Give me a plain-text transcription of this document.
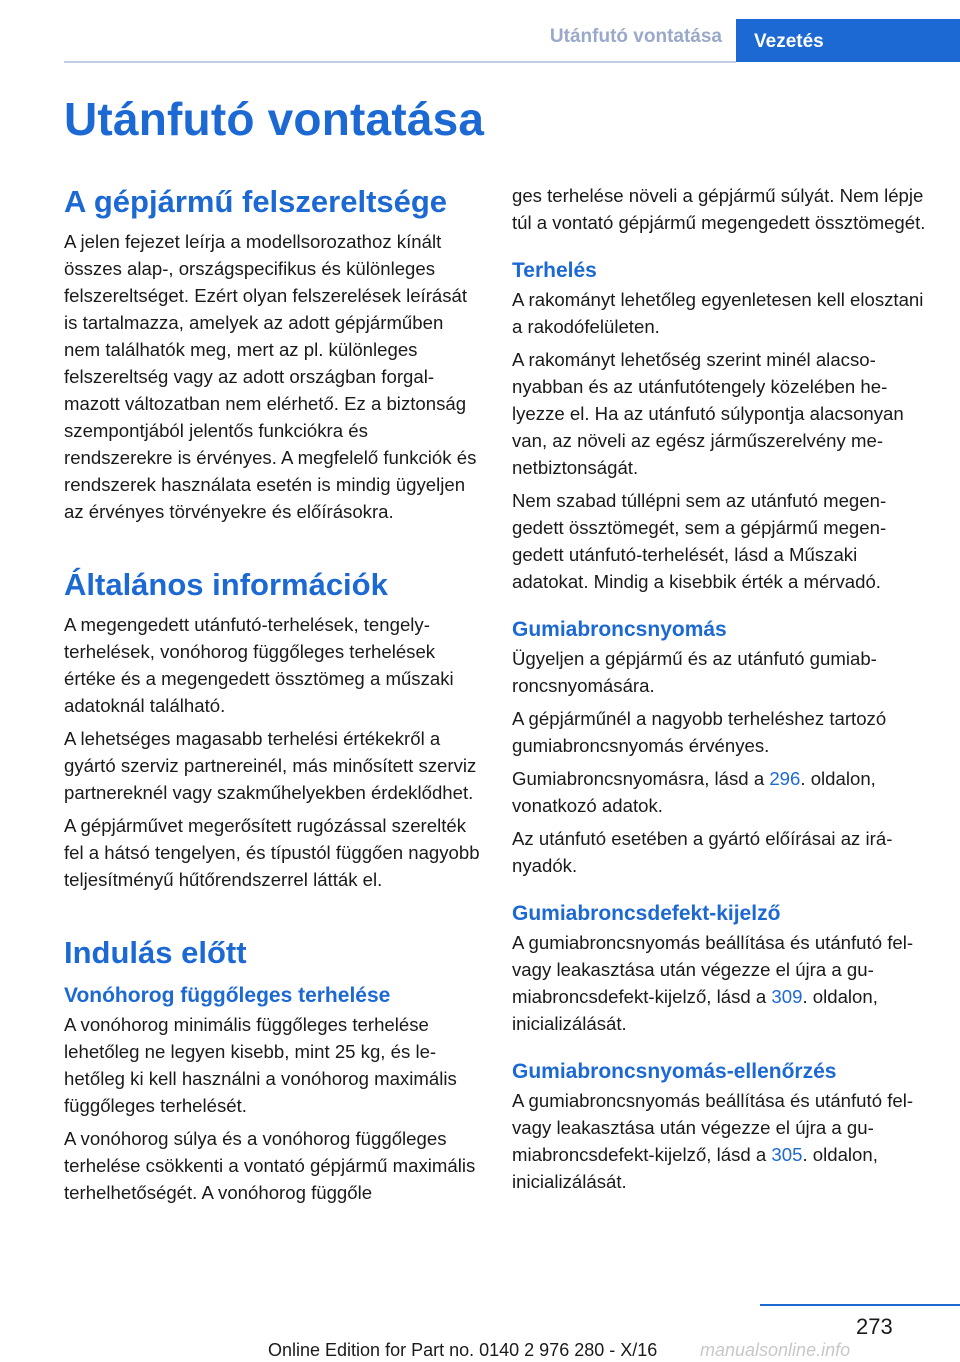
Utánfutó vontatása	Vezetés
Utánfutó vontatása
A gépjármű felszereltsége

A jelen fejezet leírja a modellsorozathoz kínált összes alap-, országspecifikus és különleges felszereltséget. Ezért olyan felszerelések leírását is tartalmazza, amelyek az adott gépjárműben nem találhatók meg, mert az pl. különleges felszereltség vagy az adott országban forgalmazott változatban nem elérhető. Ez a biztonság szempontjából jelentős funkciókra és rendszerekre is érvényes. A megfelelő funkciók és rendszerek használata esetén is mindig ügyeljen az érvényes törvényekre és előírásokra.

Általános információk

A megengedett utánfutó-terhelések, tengelyterhelések, vonóhorog függőleges terhelések értéke és a megengedett össztömeg a műszaki adatoknál található.

A lehetséges magasabb terhelési értékekről a gyártó szerviz partnereinél, más minősített szerviz partnereknél vagy szakműhelyekben érdeklődhet.

A gépjárművet megerősített rugózással szerelték fel a hátsó tengelyen, és típustól függően nagyobb teljesítményű hűtőrendszerrel látták el.

Indulás előtt
Vonóhorog függőleges terhelése

A vonóhorog minimális függőleges terhelése lehetőleg ne legyen kisebb, mint 25 kg, és lehetőleg ki kell használni a vonóhorog maximális függőleges terhelését.

A vonóhorog súlya és a vonóhorog függőleges terhelése csökkenti a vontató gépjármű maximális terhelhetőségét. A vonóhorog függőle

ges terhelése növeli a gépjármű súlyát. Nem lépje túl a vontató gépjármű megengedett össztömegét.

Terhelés

A rakományt lehetőleg egyenletesen kell elosztani a rakodófelületen.

A rakományt lehetőség szerint minél alacsonyabban és az utánfutótengely közelében helyezze el. Ha az utánfutó súlypontja alacsonyan van, az növeli az egész járműszerelvény menetbiztonságát.

Nem szabad túllépni sem az utánfutó megengedett össztömegét, sem a gépjármű megengedett utánfutó-terhelését, lásd a Műszaki adatokat. Mindig a kisebbik érték a mérvadó.

Gumiabroncsnyomás

Ügyeljen a gépjármű és az utánfutó gumiabroncsnyomására.

A gépjárműnél a nagyobb terheléshez tartozó gumiabroncsnyomás érvényes.

Gumiabroncsnyomásra, lásd a 296. oldalon, vonatkozó adatok.

Az utánfutó esetében a gyártó előírásai az irányadók.

Gumiabroncsdefekt-kijelző

A gumiabroncsnyomás beállítása és utánfutó fel- vagy leakasztása után végezze el újra a gumiabroncsdefekt-kijelző, lásd a 309. oldalon, inicializálását.

Gumiabroncsnyomás-ellenőrzés

A gumiabroncsnyomás beállítása és utánfutó fel- vagy leakasztása után végezze el újra a gumiabroncsdefekt-kijelző, lásd a 305. oldalon, inicializálását.

273
Online Edition for Part no. 0140 2 976 280 - X/16 manualsonline.info
